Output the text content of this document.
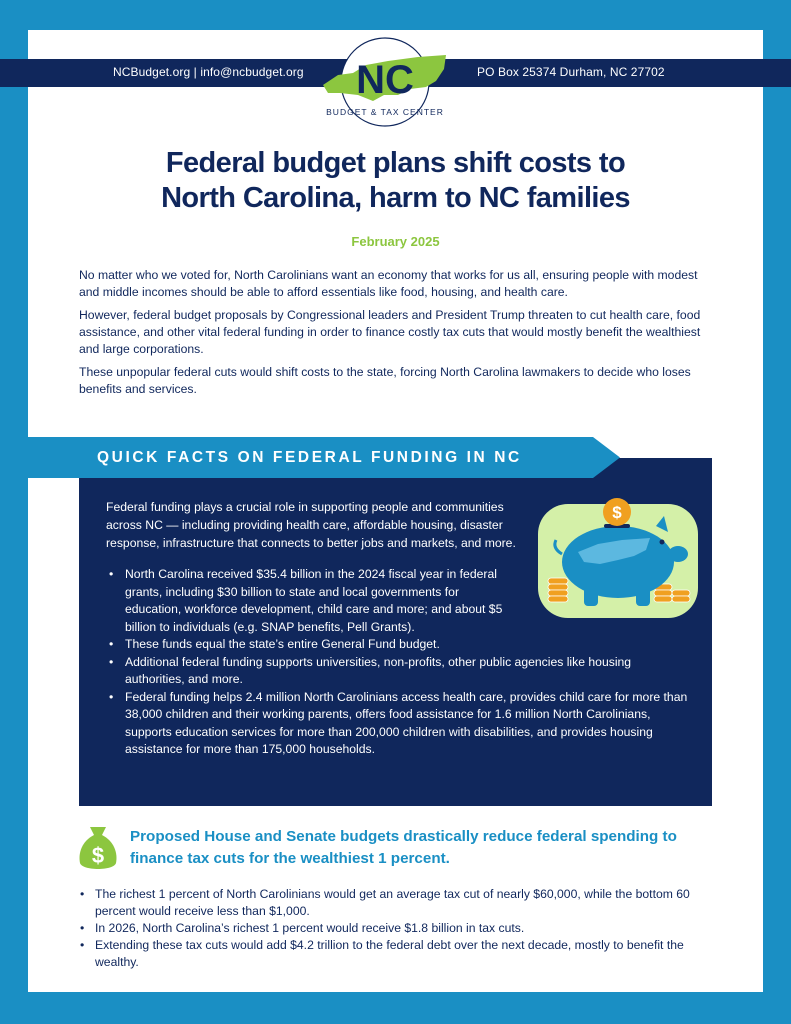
NCBudget.org | info@ncbudget.org	PO Box 25374 Durham, NC 27702
NC
BUDGET & TAX CENTER
Federal budget plans shift costs to
North Carolina, harm to NC families
February 2025

No matter who we voted for, North Carolinians want an economy that works for us all, ensuring people with modest and middle incomes should be able to afford essentials like food, housing, and health care.

However, federal budget proposals by Congressional leaders and President Trump threaten to cut health care, food assistance, and other vital federal funding in order to finance costly tax cuts that would mostly benefit the wealthiest and large corporations.

These unpopular federal cuts would shift costs to the state, forcing North Carolina lawmakers to decide who loses benefits and services.

QUICK FACTS ON FEDERAL FUNDING IN NC
Federal funding plays a crucial role in supporting people and communities across NC — including providing health care, affordable housing, disaster response, infrastructure that connects to better jobs and markets, and more.
$
• North Carolina received $35.4 billion in the 2024 fiscal year in federal grants, including $30 billion to state and local governments for education, workforce development, child care and more; and about $5 billion to individuals (e.g. SNAP benefits, Pell Grants).
• These funds equal the state’s entire General Fund budget.
• Additional federal funding supports universities, non-profits, other public agencies like housing authorities, and more.
• Federal funding helps 2.4 million North Carolinians access health care, provides child care for more than 38,000 children and their working parents, offers food assistance for 1.6 million North Carolinians, supports education services for more than 200,000 children with disabilities, and provides housing assistance for more than 175,000 households.
$
Proposed House and Senate budgets drastically reduce federal spending to finance tax cuts for the wealthiest 1 percent.
• The richest 1 percent of North Carolinians would get an average tax cut of nearly $60,000, while the bottom 60 percent would receive less than $1,000.
• In 2026, North Carolina’s richest 1 percent would receive $1.8 billion in tax cuts.
• Extending these tax cuts would add $4.2 trillion to the federal debt over the next decade, mostly to benefit the wealthy.
